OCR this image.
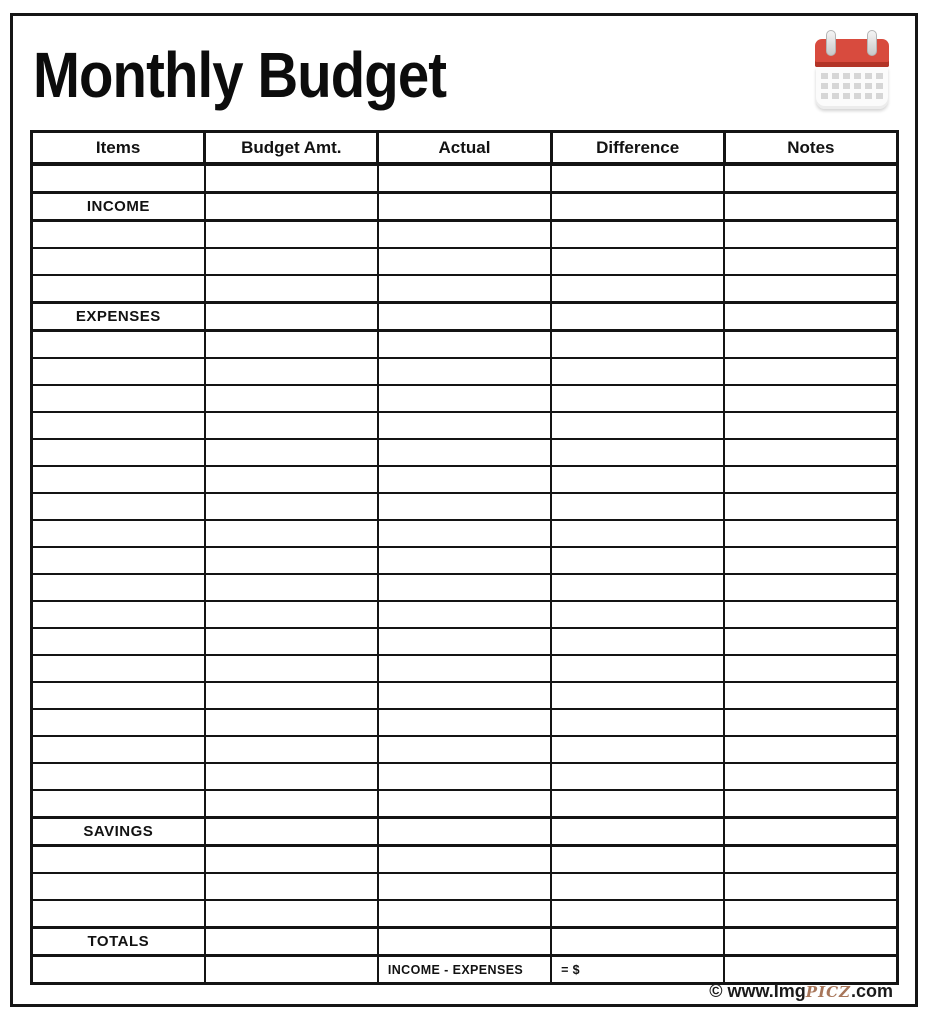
Monthly Budget
Items	Budget Amt.	Actual	Difference	Notes

INCOME				

EXPENSES				

SAVINGS				

TOTALS				
		INCOME - EXPENSES	= $	
© www.ImgPICZ.com
